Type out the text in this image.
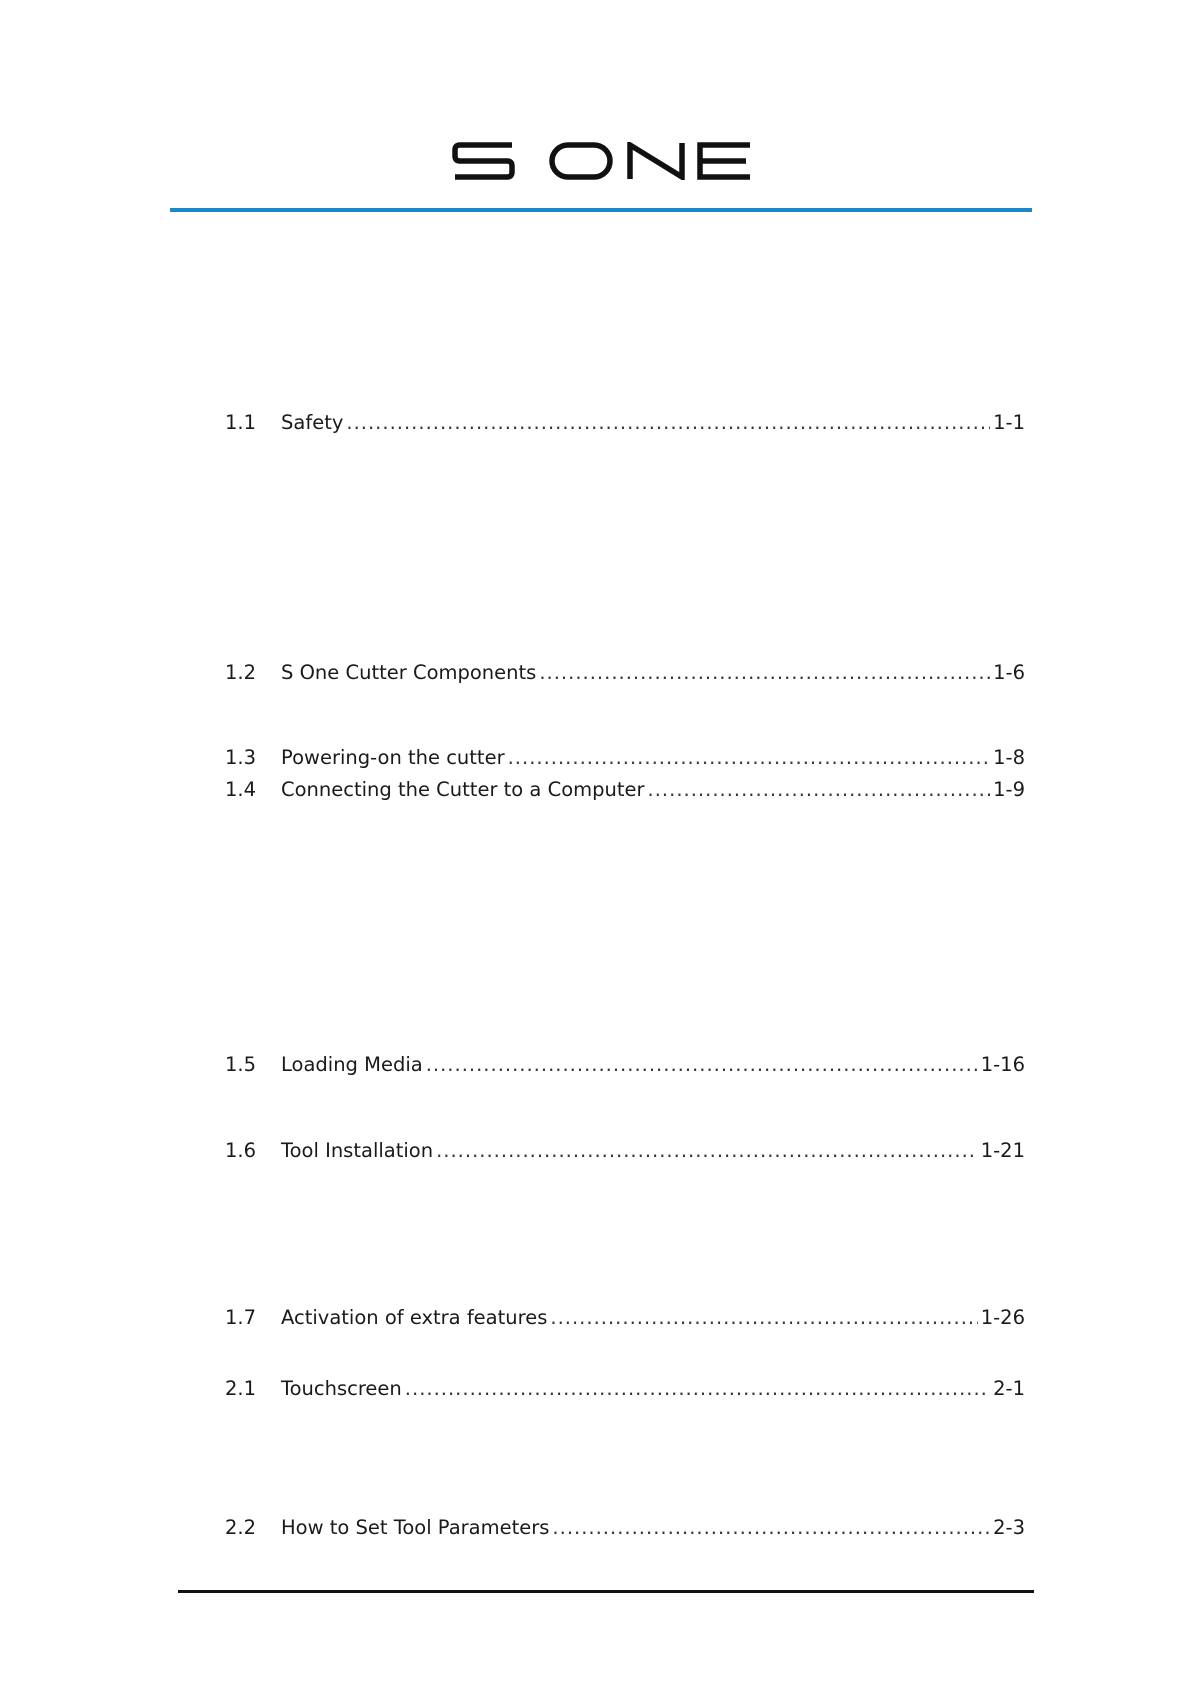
1.1	Safety .....	1-1
1.2	S One Cutter Components .....	1-6
1.3	Powering-on the cutter .....	1-8
1.4	Connecting the Cutter to a Computer .....	1-9
1.5	Loading Media .....	1-16
1.6	Tool Installation .....	1-21
1.7	Activation of extra features .....	1-26
2.1	Touchscreen .....	2-1
2.2	How to Set Tool Parameters .....	2-3
